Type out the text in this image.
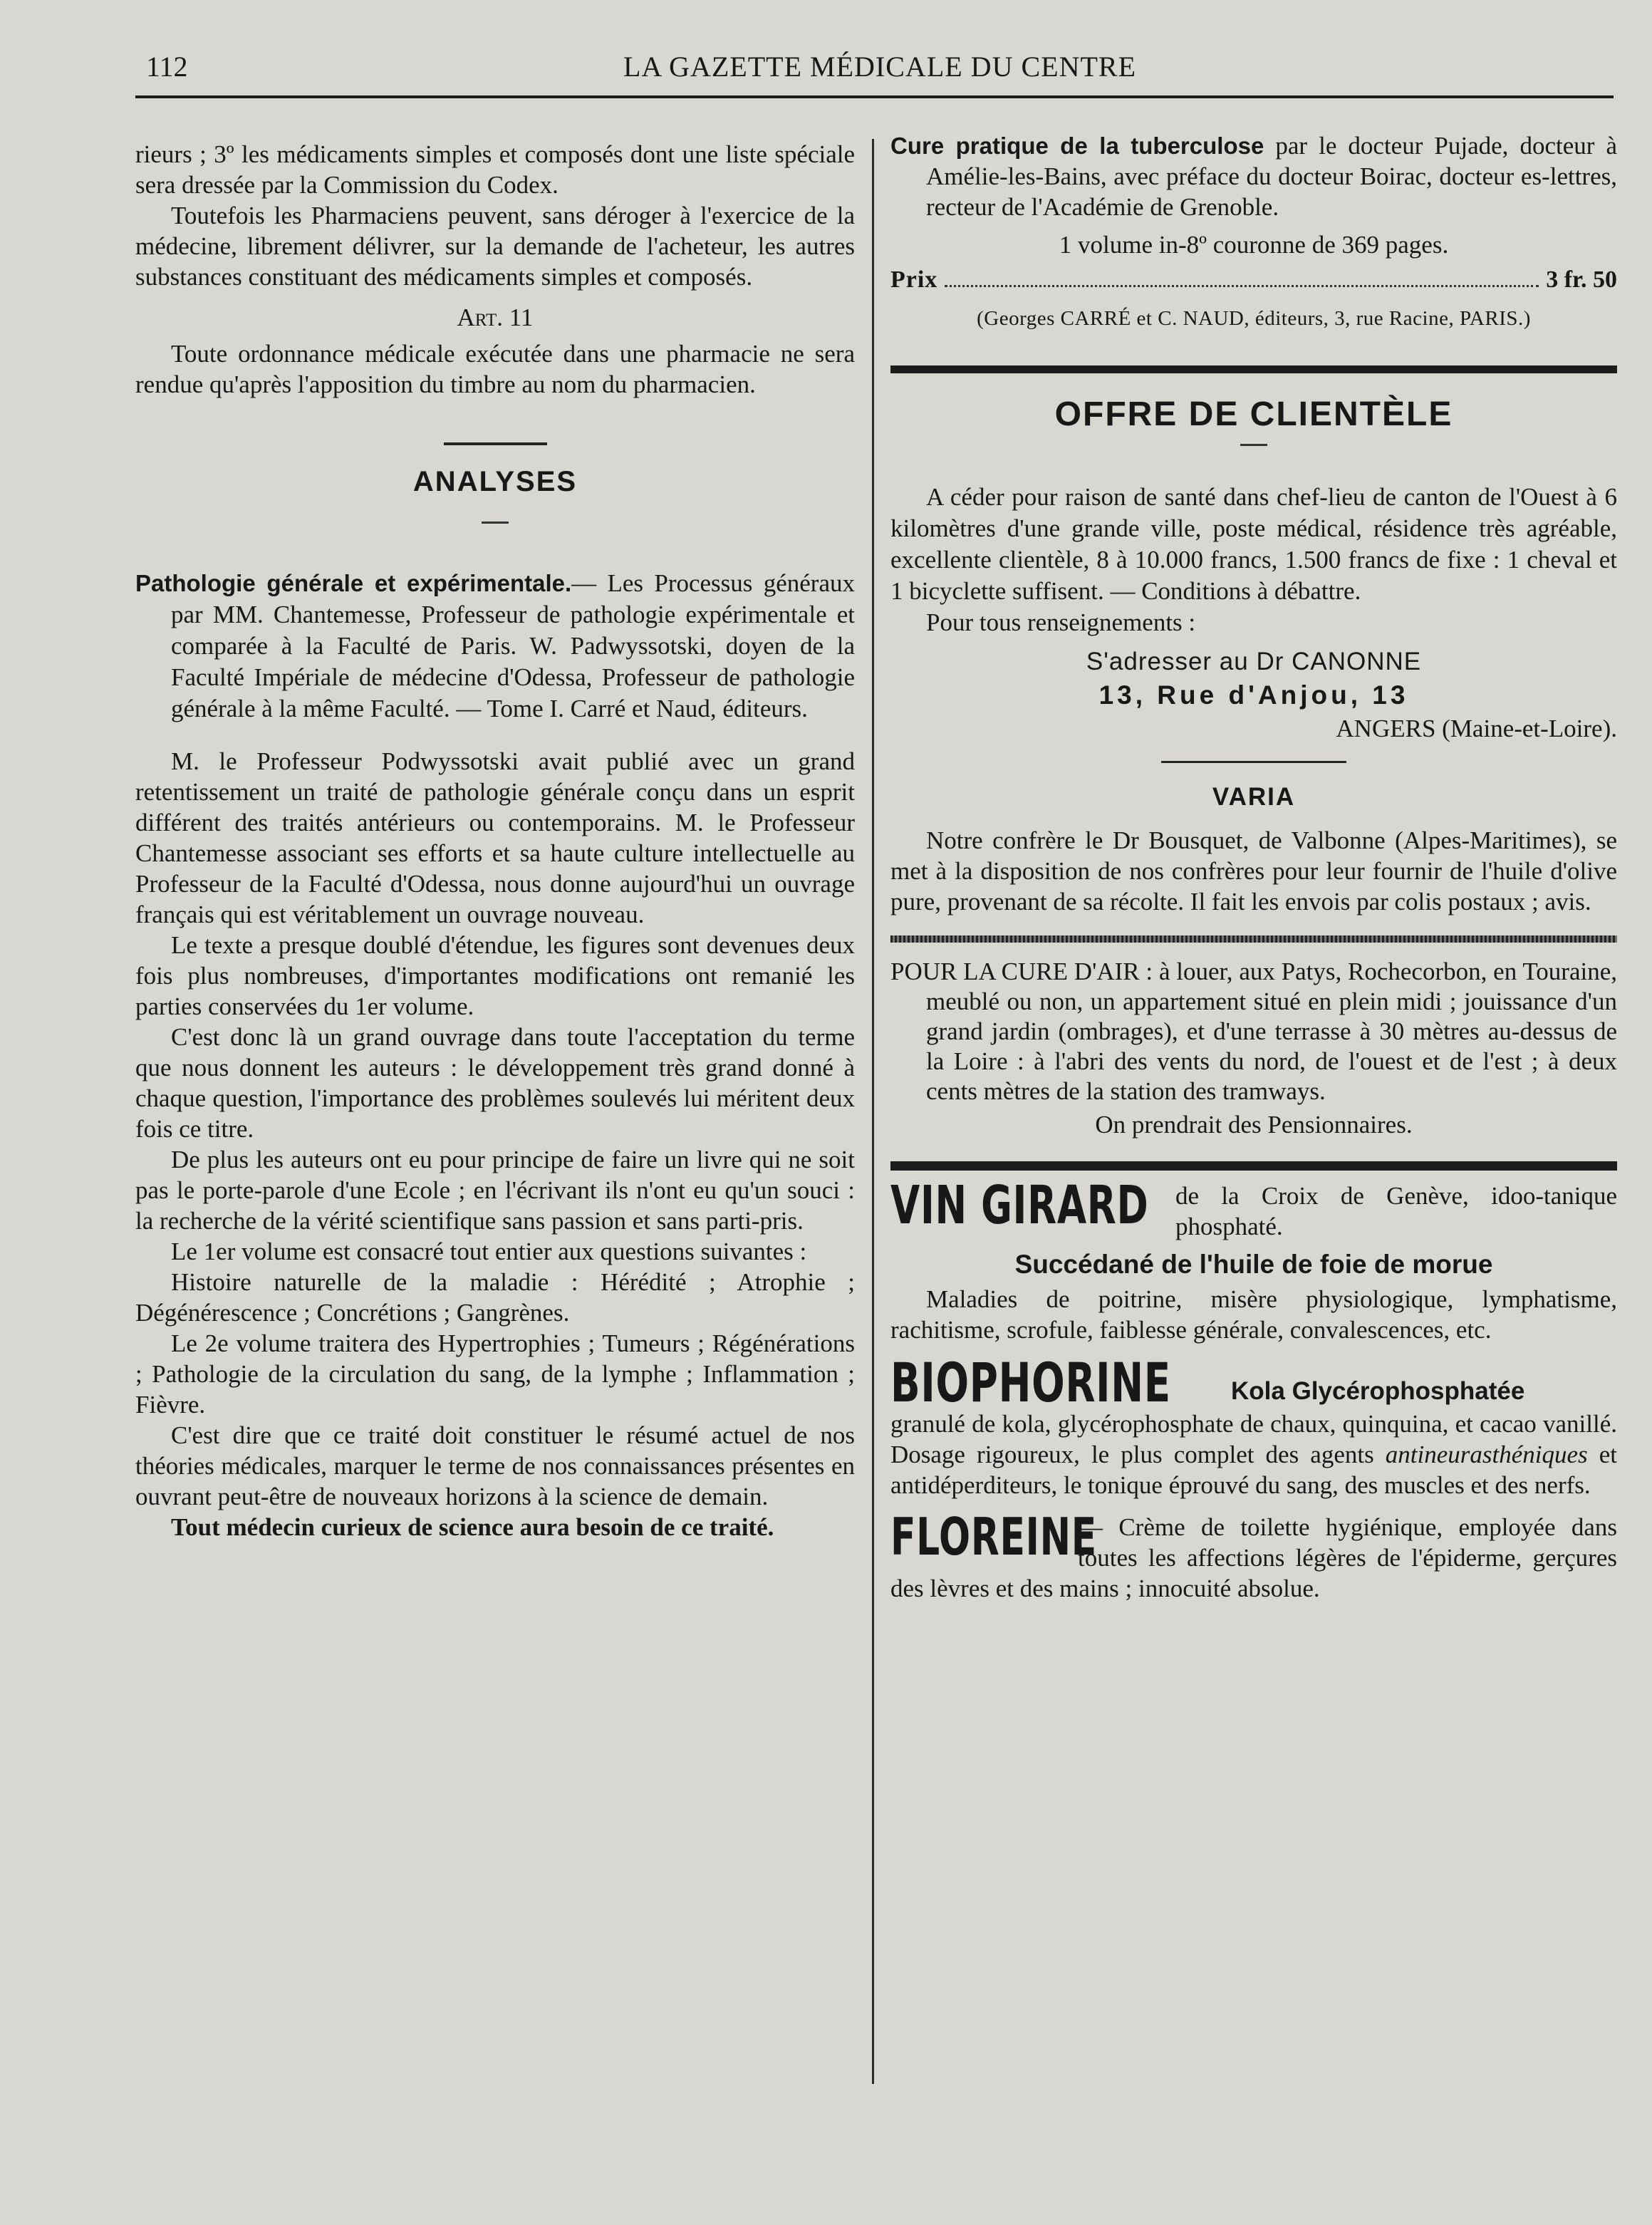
112	LA GAZETTE MÉDICALE DU CENTRE

rieurs ; 3º les médicaments simples et composés dont une liste spéciale sera dressée par la Commission du Codex.

Toutefois les Pharmaciens peuvent, sans déroger à l'exercice de la médecine, librement délivrer, sur la demande de l'acheteur, les autres substances constituant des médicaments simples et composés.

Art. 11

Toute ordonnance médicale exécutée dans une pharmacie ne sera rendue qu'après l'apposition du timbre au nom du pharmacien.

ANALYSES

Pathologie générale et expérimentale.— Les Processus généraux par MM. Chantemesse, Professeur de pathologie expérimentale et comparée à la Faculté de Paris. W. Padwyssotski, doyen de la Faculté Impériale de médecine d'Odessa, Professeur de pathologie générale à la même Faculté. — Tome I. Carré et Naud, éditeurs.

M. le Professeur Podwyssotski avait publié avec un grand retentissement un traité de pathologie générale conçu dans un esprit différent des traités antérieurs ou contemporains. M. le Professeur Chantemesse associant ses efforts et sa haute culture intellectuelle au Professeur de la Faculté d'Odessa, nous donne aujourd'hui un ouvrage français qui est véritablement un ouvrage nouveau.

Le texte a presque doublé d'étendue, les figures sont devenues deux fois plus nombreuses, d'importantes modifications ont remanié les parties conservées du 1er volume.

C'est donc là un grand ouvrage dans toute l'acceptation du terme que nous donnent les auteurs : le développement très grand donné à chaque question, l'importance des problèmes soulevés lui méritent deux fois ce titre.

De plus les auteurs ont eu pour principe de faire un livre qui ne soit pas le porte-parole d'une Ecole ; en l'écrivant ils n'ont eu qu'un souci : la recherche de la vérité scientifique sans passion et sans parti-pris.

Le 1er volume est consacré tout entier aux questions suivantes :

Histoire naturelle de la maladie : Hérédité ; Atrophie ; Dégénérescence ; Concrétions ; Gangrènes.

Le 2e volume traitera des Hypertrophies ; Tumeurs ; Régénérations ; Pathologie de la circulation du sang, de la lymphe ; Inflammation ; Fièvre.

C'est dire que ce traité doit constituer le résumé actuel de nos théories médicales, marquer le terme de nos connaissances présentes en ouvrant peut-être de nouveaux horizons à la science de demain.

Tout médecin curieux de science aura besoin de ce traité.

Cure pratique de la tuberculose par le docteur Pujade, docteur à Amélie-les-Bains, avec préface du docteur Boirac, docteur es-lettres, recteur de l'Académie de Grenoble.

1 volume in-8º couronne de 369 pages.

Prix	3 fr. 50

(Georges CARRÉ et C. NAUD, éditeurs, 3, rue Racine, PARIS.)

OFFRE DE CLIENTÈLE

A céder pour raison de santé dans chef-lieu de canton de l'Ouest à 6 kilomètres d'une grande ville, poste médical, résidence très agréable, excellente clientèle, 8 à 10.000 francs, 1.500 francs de fixe : 1 cheval et 1 bicyclette suffisent. — Conditions à débattre.

Pour tous renseignements :

S'adresser au Dr CANONNE

13, Rue d'Anjou, 13

ANGERS (Maine-et-Loire).

VARIA

Notre confrère le Dr Bousquet, de Valbonne (Alpes-Maritimes), se met à la disposition de nos confrères pour leur fournir de l'huile d'olive pure, provenant de sa récolte. Il fait les envois par colis postaux ; avis.

POUR LA CURE D'AIR : à louer, aux Patys, Rochecorbon, en Touraine, meublé ou non, un appartement situé en plein midi ; jouissance d'un grand jardin (ombrages), et d'une terrasse à 30 mètres au-dessus de la Loire : à l'abri des vents du nord, de l'ouest et de l'est ; à deux cents mètres de la station des tramways.

On prendrait des Pensionnaires.

VIN GIRARD	de la Croix de Genève, idoo-tanique phosphaté.

Succédané de l'huile de foie de morue

Maladies de poitrine, misère physiologique, lymphatisme, rachitisme, scrofule, faiblesse générale, convalescences, etc.

BIOPHORINE	Kola Glycérophosphatée

granulé de kola, glycérophosphate de chaux, quinquina, et cacao vanillé. Dosage rigoureux, le plus complet des agents antineurasthéniques et antidéperditeurs, le tonique éprouvé du sang, des muscles et des nerfs.

FLOREINE

— Crème de toilette hygiénique, employée dans toutes les affections légères de l'épiderme, gerçures des lèvres et des mains ; innocuité absolue.
